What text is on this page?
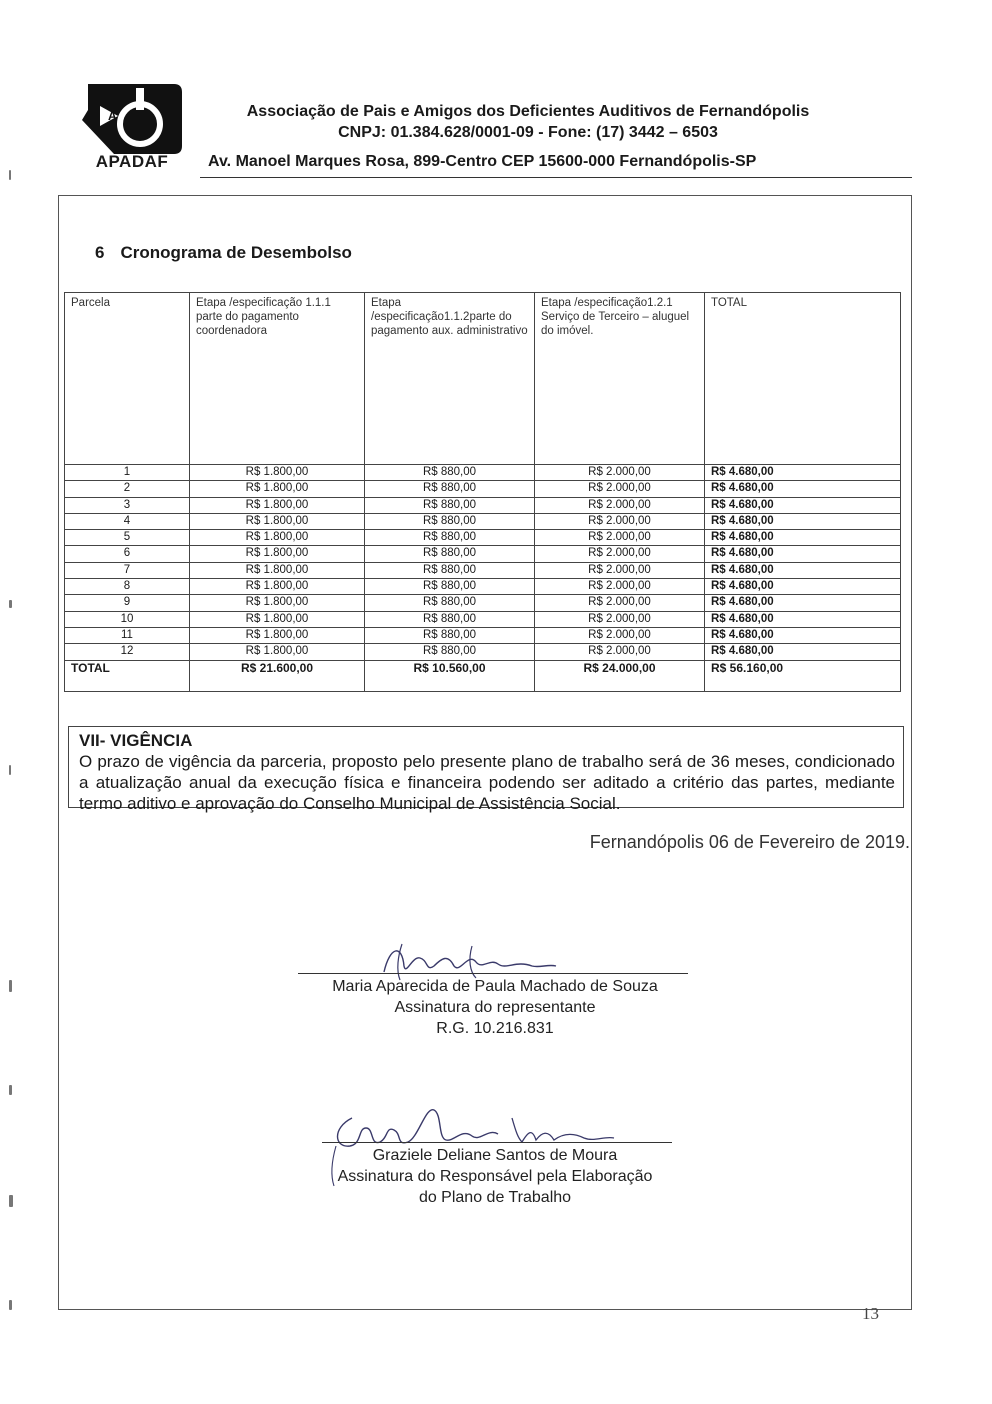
A
APADAF
Associação de Pais e Amigos dos Deficientes Auditivos de Fernandópolis
CNPJ: 01.384.628/0001-09 - Fone: (17) 3442 – 6503
Av. Manoel Marques Rosa, 899-Centro CEP 15600-000 Fernandópolis-SP
6 Cronograma de Desembolso
Parcela	Etapa /especificação 1.1.1 parte do pagamento coordenadora	Etapa /especificação1.1.2parte do pagamento aux. administrativo	Etapa /especificação1.2.1 Serviço de Terceiro – aluguel do imóvel.	TOTAL
1	R$ 1.800,00	R$ 880,00	R$ 2.000,00	R$ 4.680,00
2	R$ 1.800,00	R$ 880,00	R$ 2.000,00	R$ 4.680,00
3	R$ 1.800,00	R$ 880,00	R$ 2.000,00	R$ 4.680,00
4	R$ 1.800,00	R$ 880,00	R$ 2.000,00	R$ 4.680,00
5	R$ 1.800,00	R$ 880,00	R$ 2.000,00	R$ 4.680,00
6	R$ 1.800,00	R$ 880,00	R$ 2.000,00	R$ 4.680,00
7	R$ 1.800,00	R$ 880,00	R$ 2.000,00	R$ 4.680,00
8	R$ 1.800,00	R$ 880,00	R$ 2.000,00	R$ 4.680,00
9	R$ 1.800,00	R$ 880,00	R$ 2.000,00	R$ 4.680,00
10	R$ 1.800,00	R$ 880,00	R$ 2.000,00	R$ 4.680,00
11	R$ 1.800,00	R$ 880,00	R$ 2.000,00	R$ 4.680,00
12	R$ 1.800,00	R$ 880,00	R$ 2.000,00	R$ 4.680,00
TOTAL	R$ 21.600,00	R$ 10.560,00	R$ 24.000,00	R$ 56.160,00
VII- VIGÊNCIA
O prazo de vigência da parceria, proposto pelo presente plano de trabalho será de 36 meses, condicionado a atualização anual da execução física e financeira podendo ser aditado a critério das partes, mediante termo aditivo e aprovação do Conselho Municipal de Assistência Social.
Fernandópolis 06 de Fevereiro de 2019.
Maria Aparecida de Paula Machado de Souza
Assinatura do representante
R.G. 10.216.831
Graziele Deliane Santos de Moura
Assinatura do Responsável pela Elaboração
do Plano de Trabalho
13
